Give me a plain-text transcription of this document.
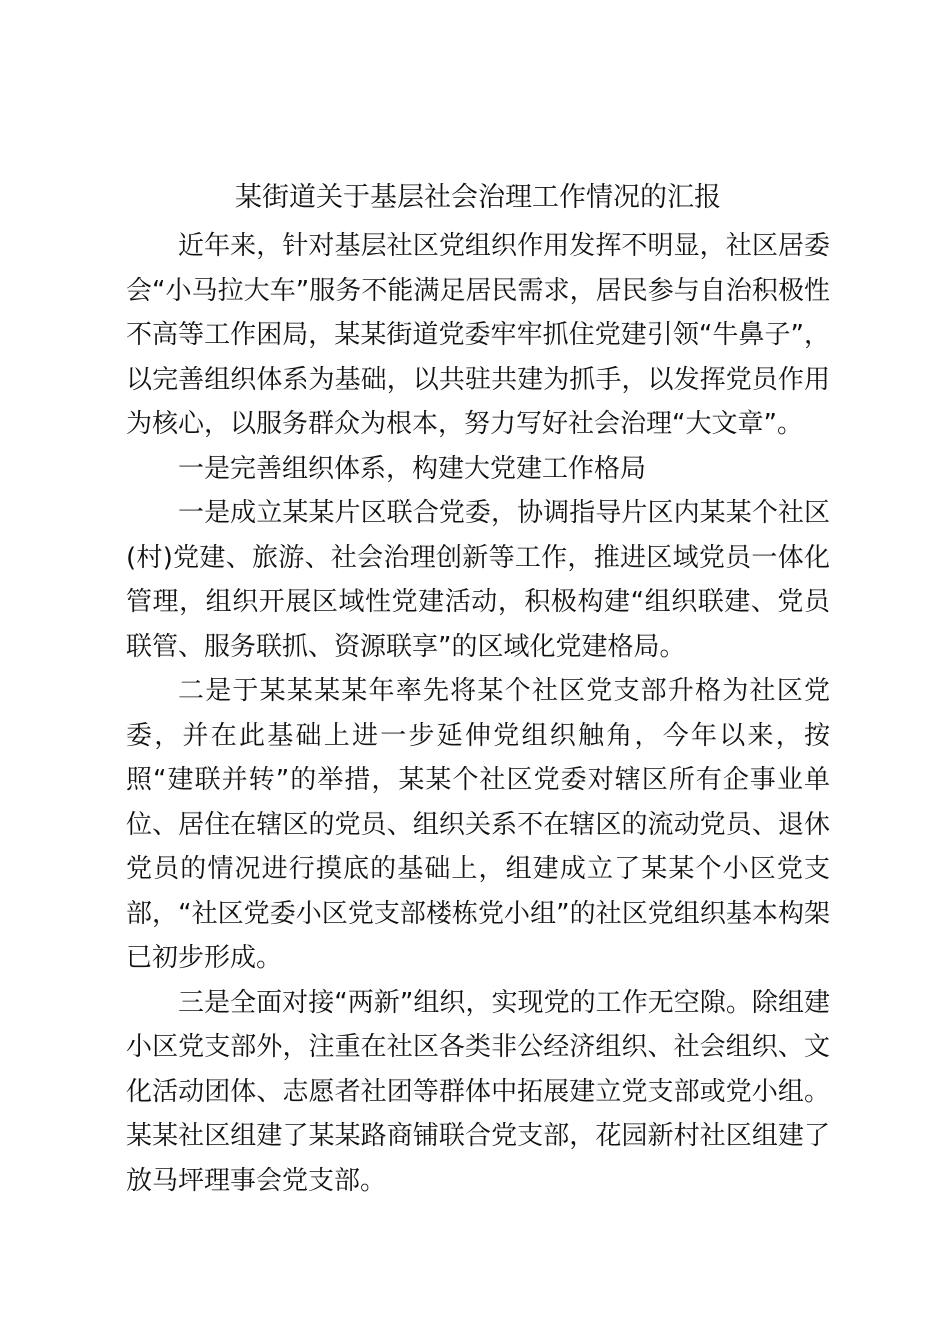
某街道关于基层社会治理工作情况的汇报

近年来，针对基层社区党组织作用发挥不明显，社区居委会“小马拉大车”服务不能满足居民需求，居民参与自治积极性不高等工作困局，某某街道党委牢牢抓住党建引领“牛鼻子”，以完善组织体系为基础，以共驻共建为抓手，以发挥党员作用为核心，以服务群众为根本，努力写好社会治理“大文章”。

一是完善组织体系，构建大党建工作格局

一是成立某某片区联合党委，协调指导片区内某某个社区(村)党建、旅游、社会治理创新等工作，推进区域党员一体化管理，组织开展区域性党建活动，积极构建“组织联建、党员联管、服务联抓、资源联享”的区域化党建格局。

二是于某某某某年率先将某个社区党支部升格为社区党委，并在此基础上进一步延伸党组织触角，今年以来，按照“建联并转”的举措，某某个社区党委对辖区所有企事业单位、居住在辖区的党员、组织关系不在辖区的流动党员、退休党员的情况进行摸底的基础上，组建成立了某某个小区党支部，“社区党委小区党支部楼栋党小组”的社区党组织基本构架已初步形成。

三是全面对接“两新”组织，实现党的工作无空隙。除组建小区党支部外，注重在社区各类非公经济组织、社会组织、文化活动团体、志愿者社团等群体中拓展建立党支部或党小组。某某社区组建了某某路商铺联合党支部，花园新村社区组建了放马坪理事会党支部。
